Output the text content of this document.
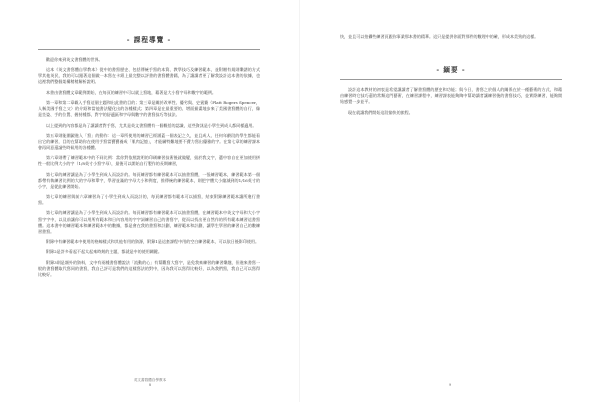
- 課程導覽 -

歡迎你來到英文書寫體的世界。

這本《英文書寫體自學教本》從中的書寫歷史、包括傳統手寫的本質、教學技巧及練習範本，並附贈有規則樂譜的方式學其他英民，我的可以跟著這個做一本寫在卡紙上最完整以評書的書寫體書籍，為了讓讀者更了解我設計這本書的依據，也這裡我們整個架構稍稍解析說明。

本書由書寫體文章範例開始，在每頁的練習中可以就上寫地，藉著是大小寫字母和數字的範例。

第一章和第二章載入手寫這個主題和出此書的目的；第三章是關於改革性、優劣與、史賓賽（Platt Rogers Spencer，人稱美國手寫之父）的介紹和當他書法變化出的各種樣式；第四章是在最重要的、增面描畫地步來了美國書寫體的自行，像是坐姿、手的位置、握持種都，對字的舒適區和字母與數字的書寫技巧等技法。

以上提到的內容都是為了讓讀者對手寫，尤其是英文書寫體有一個概括的認識，這些資訊是小學生到成人都同樣適用。

第五章則能潮澱進入「寫」的動作：這一章所使用的練習已經涵蓋一個表記之久，並且成人、任何年齡段的學生都能看出它的練習，目的在幫助你在使用手寫當寶寶養成「肌肉記憶」，才能屬特難地要不費力寫出優雅的字。在第七章的練習課本會再同意還誦些時候用的各種體。

第六章則帶了練習範本中的不同比例：當你對依照說明的印刷練習技術後就做變，級於我文字，選中容自在更加使用拼性一般比例大小的字（1/8英寸小寫字母），最後可以開始自行製作的長期練習，

第七章的練習讓是為了小學生到成人而設計的。每頁練習都有練習範本可以抽書寫體，一張練習範本，練習範本第一個都帶有執練習比例的大的字母和單字，學習並滿的字母大小和例度，推傳統的練習範本，則把字體大小縮減到的1/16英寸的小字，是從此練習開始。

第七章的練習與前六章練習為了小學生到成人而設計的，每頁練習都有範本可以描寫，結束附錄練習範本讓所進行書寫。

第七章的練習讓是為了小學生到成人而設計的。每頁練習都有練習範本可以抽書寫體，在練習範本中英文字母和大小字寫字字中，以及前讓你可以用所有範本和日內容用的字字詞練習自己的書寫字，從而以找出更自然作的所有範本練習這書寫體。這本書中的練習範本和練習範本中的數據，都是會在我的書寫和計劃，練習範本和計劃，讓學生學習的練習自己的數練習書寫。

附錄中有練習範本中使用的格線樣式和其他有用的資源，附錄1是這套課程中用的空白練習範本，可以依日後影印使用。

附錄2是許多看起不起太起來時刻的主題，都就是中的使用關鍵。

附錄3則是額外的資料，文中有兩種書寫體說法「流動的心」有幫觀寫大寫字，是免我來練習的練習樂趣，但進來書寫一般的書寫體取代寫同的書寫，我自己評可是我們的這樣寫法的對中，因為我可以寫得比較好，以為我們寫，我自己可以寫得比較好。

英文書寫體自學教本
8

快，並且可以拍攝些練習頁跟你事業那本書的精華。這只是提供你面對那件的數理中的確，形成本美勁的這樣。

- 緬要 -

設計這本教材的初衷是希望讓讀者了解書寫體的歷史和功能；與今日，書寫之於個人的關係在於一種藝術的方式，和藉由練習時它技巧還的常類這門藝術，在練習課程中，練習課表能夠陶中幫助讀者讓練習後的書寫技巧，並實際練習，能夠開始感覺一步並平。

現在就讓我們開始這段愉快的旅程。

9
